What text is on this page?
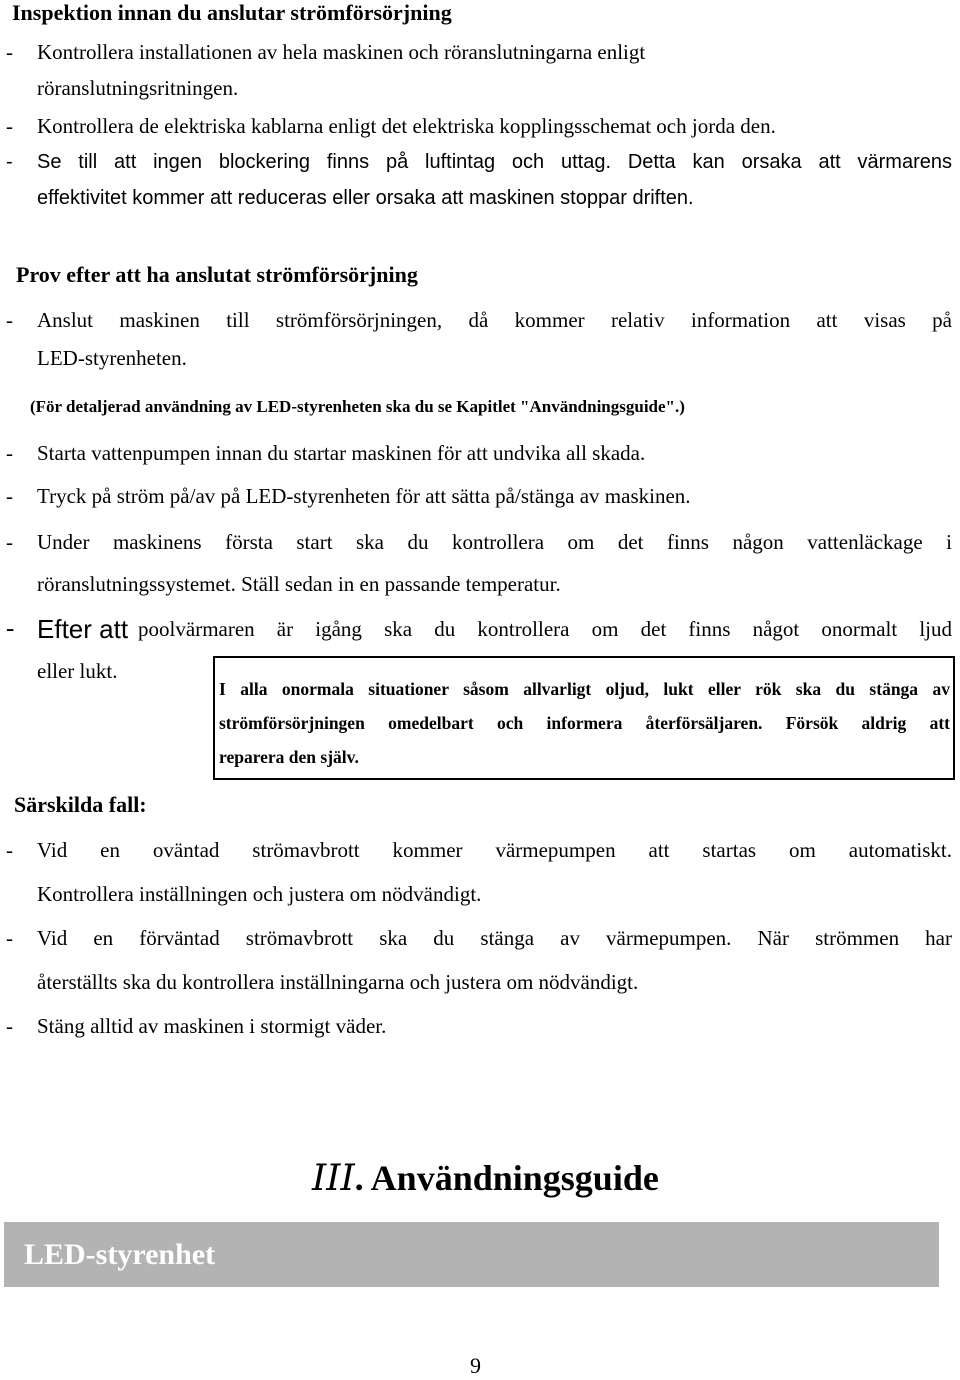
Inspektion innan du anslutar strömförsörjning
- Kontrollera installationen av hela maskinen och röranslutningarna enligt
röranslutningsritningen.
- Kontrollera de elektriska kablarna enligt det elektriska kopplingsschemat och jorda den.
- Se till att ingen blockering finns på luftintag och uttag. Detta kan orsaka att värmarens
effektivitet kommer att reduceras eller orsaka att maskinen stoppar driften.
Prov efter att ha anslutat strömförsörjning
- Anslut maskinen till strömförsörjningen, då kommer relativ information att visas på
LED-styrenheten.
(För detaljerad användning av LED-styrenheten ska du se Kapitlet "Användningsguide".)
- Starta vattenpumpen innan du startar maskinen för att undvika all skada.
- Tryck på ström på/av på LED-styrenheten för att sätta på/stänga av maskinen.
- Under maskinens första start ska du kontrollera om det finns någon vattenläckage i
röranslutningssystemet. Ställ sedan in en passande temperatur.
- Efter att poolvärmaren är igång ska du kontrollera om det finns något onormalt ljud
eller lukt.
I alla onormala situationer såsom allvarligt oljud, lukt eller rök ska du stänga av
strömförsörjningen omedelbart och informera återförsäljaren. Försök aldrig att
reparera den själv.
Särskilda fall:
- Vid en oväntad strömavbrott kommer värmepumpen att startas om automatiskt.
Kontrollera inställningen och justera om nödvändigt.
- Vid en förväntad strömavbrott ska du stänga av värmepumpen. När strömmen har
återställts ska du kontrollera inställningarna och justera om nödvändigt.
- Stäng alltid av maskinen i stormigt väder.
III. Användningsguide
LED-styrenhet
9
